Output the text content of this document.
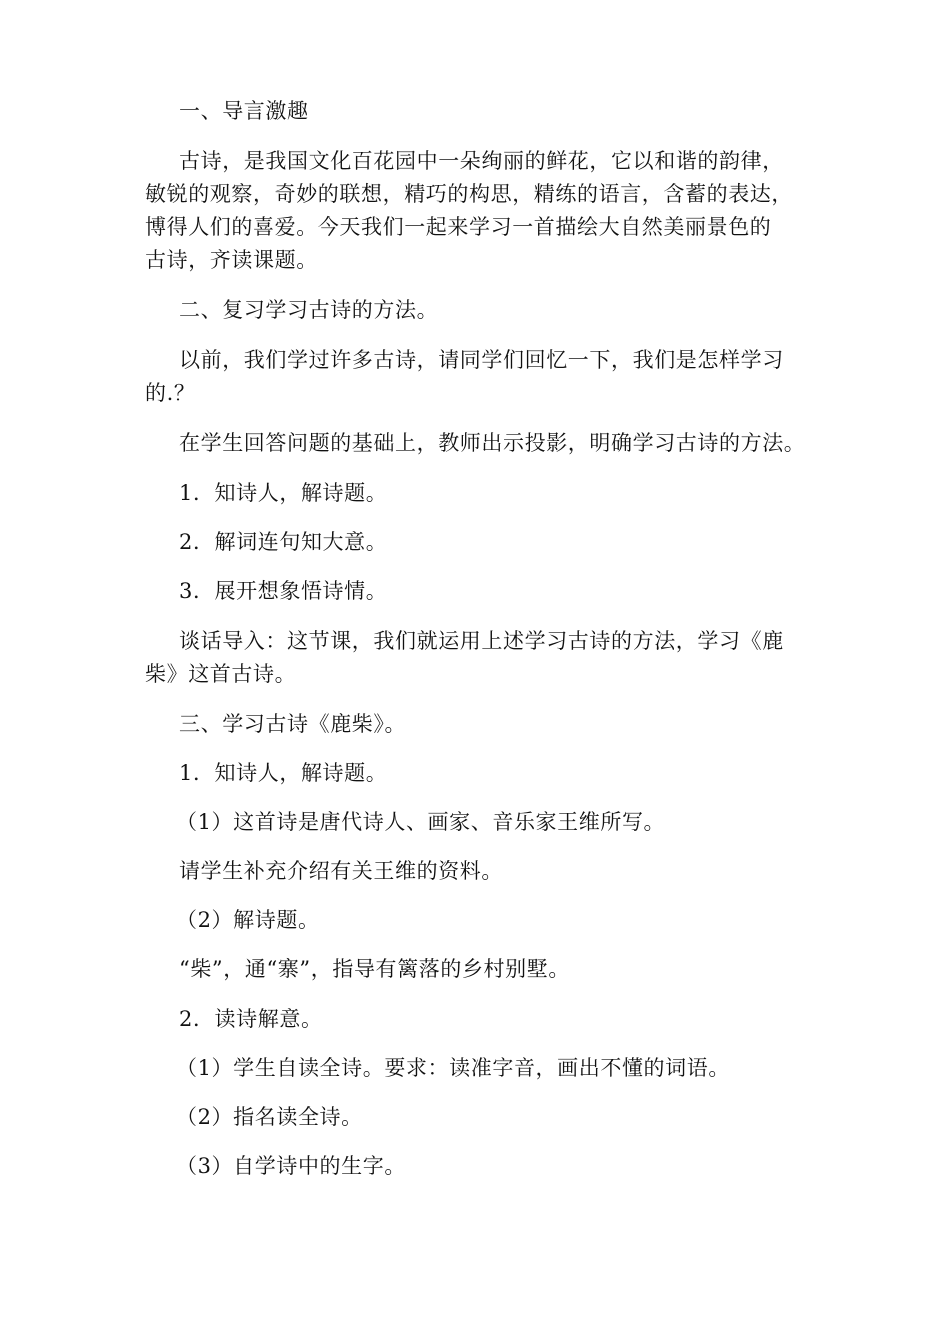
一、导言激趣
古诗，是我国文化百花园中一朵绚丽的鲜花，它以和谐的韵律，
敏锐的观察，奇妙的联想，精巧的构思，精练的语言，含蓄的表达，
博得人们的喜爱。今天我们一起来学习一首描绘大自然美丽景色的
古诗，齐读课题。
二、复习学习古诗的方法。
以前，我们学过许多古诗，请同学们回忆一下，我们是怎样学习
的.？
在学生回答问题的基础上，教师出示投影，明确学习古诗的方法。
1．知诗人，解诗题。
2．解词连句知大意。
3．展开想象悟诗情。
谈话导入：这节课，我们就运用上述学习古诗的方法，学习《鹿
柴》这首古诗。
三、学习古诗《鹿柴》。
1．知诗人，解诗题。
（1）这首诗是唐代诗人、画家、音乐家王维所写。
请学生补充介绍有关王维的资料。
（2）解诗题。
“柴”，通“寨”，指导有篱落的乡村别墅。
2．读诗解意。
（1）学生自读全诗。要求：读准字音，画出不懂的词语。
（2）指名读全诗。
（3）自学诗中的生字。
